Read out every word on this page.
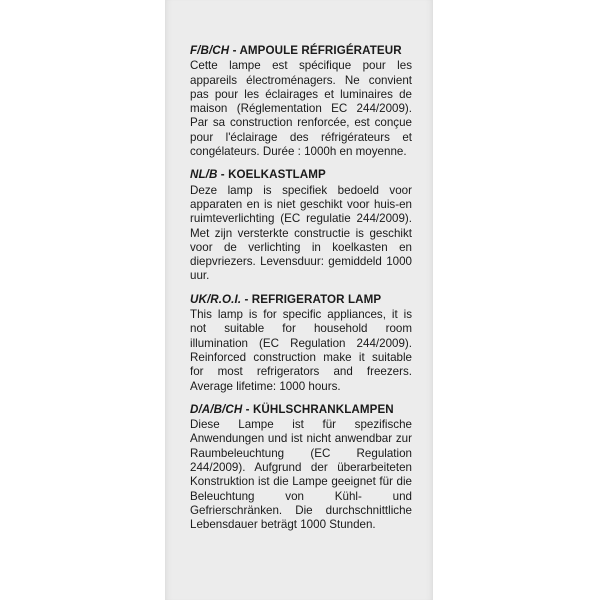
F/B/CH - AMPOULE RÉFRIGÉRATEUR
Cette lampe est spécifique pour les appareils électroménagers. Ne convient pas pour les éclairages et luminaires de maison (Réglementation EC 244/2009). Par sa construction renforcée, est conçue pour l'éclairage des réfrigérateurs et congélateurs. Durée : 1000h en moyenne.
NL/B - KOELKASTLAMP
Deze lamp is specifiek bedoeld voor apparaten en is niet geschikt voor huis-en ruimteverlichting (EC regulatie 244/2009). Met zijn versterkte constructie is geschikt voor de verlichting in koelkasten en diepvriezers. Levensduur: gemiddeld 1000 uur.
UK/R.O.I. - REFRIGERATOR LAMP
This lamp is for specific appliances, it is not suitable for household room illumination (EC Regulation 244/2009). Reinforced construction make it suitable for most refrigerators and freezers. Average lifetime: 1000 hours.
D/A/B/CH - KÜHLSCHRANKLAMPEN
Diese Lampe ist für spezifische Anwendungen und ist nicht anwendbar zur Raumbeleuchtung (EC Regulation 244/2009). Aufgrund der überarbeiteten Konstruktion ist die Lampe geeignet für die Beleuchtung von Kühl- und Gefrierschränken. Die durchschnittliche Lebensdauer beträgt 1000 Stunden.
